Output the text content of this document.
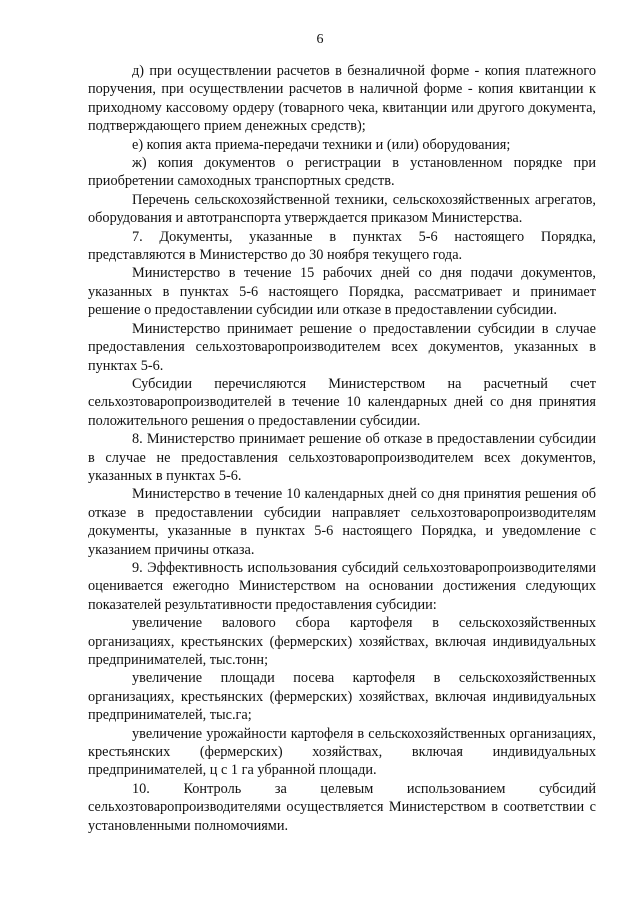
6

д) при осуществлении расчетов в безналичной форме - копия платежного поручения, при осуществлении расчетов в наличной форме - копия квитанции к приходному кассовому ордеру (товарного чека, квитанции или другого документа, подтверждающего прием денежных средств);

е) копия акта приема-передачи техники и (или) оборудования;

ж) копия документов о регистрации в установленном порядке при приобретении самоходных транспортных средств.

Перечень сельскохозяйственной техники, сельскохозяйственных агрегатов, оборудования и автотранспорта утверждается приказом Министерства.

7. Документы, указанные в пунктах 5-6 настоящего Порядка, представляются в Министерство до 30 ноября текущего года.

Министерство в течение 15 рабочих дней со дня подачи документов, указанных в пунктах 5-6 настоящего Порядка, рассматривает и принимает решение о предоставлении субсидии или отказе в предоставлении субсидии.

Министерство принимает решение о предоставлении субсидии в случае предоставления сельхозтоваропроизводителем всех документов, указанных в пунктах 5-6.

Субсидии перечисляются Министерством на расчетный счет сельхозтоваропроизводителей в течение 10 календарных дней со дня принятия положительного решения о предоставлении субсидии.

8. Министерство принимает решение об отказе в предоставлении субсидии в случае не предоставления сельхозтоваропроизводителем всех документов, указанных в пунктах 5-6.

Министерство в течение 10 календарных дней со дня принятия решения об отказе в предоставлении субсидии направляет сельхозтоваропроизводителям документы, указанные в пунктах 5-6 настоящего Порядка, и уведомление с указанием причины отказа.

9. Эффективность использования субсидий сельхозтоваропроизводителями оценивается ежегодно Министерством на основании достижения следующих показателей результативности предоставления субсидии:

увеличение валового сбора картофеля в сельскохозяйственных организациях, крестьянских (фермерских) хозяйствах, включая индивидуальных предпринимателей, тыс.тонн;

увеличение площади посева картофеля в сельскохозяйственных организациях, крестьянских (фермерских) хозяйствах, включая индивидуальных предпринимателей, тыс.га;

увеличение урожайности картофеля в сельскохозяйственных организациях, крестьянских (фермерских) хозяйствах, включая индивидуальных предпринимателей, ц с 1 га убранной площади.

10. Контроль за целевым использованием субсидий сельхозтоваропроизводителями осуществляется Министерством в соответствии с установленными полномочиями.
